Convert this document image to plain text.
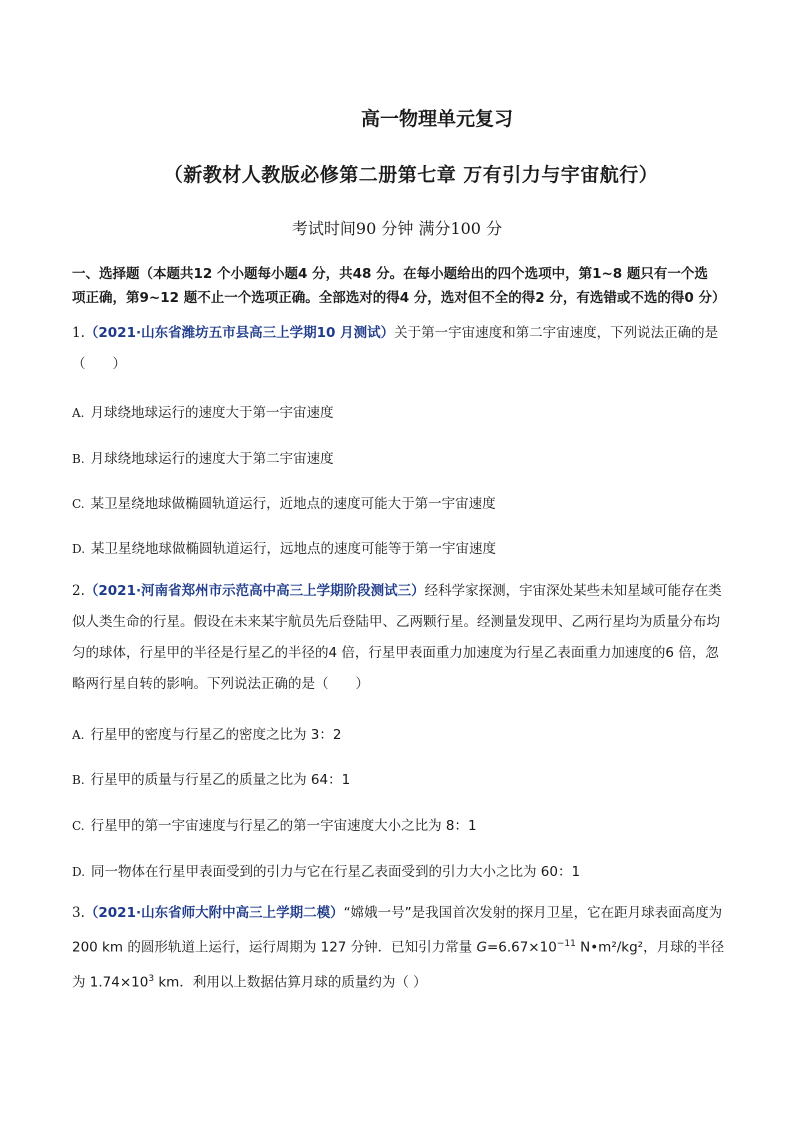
高一物理单元复习
（新教材人教版必修第二册第七章 万有引力与宇宙航行）
考试时间90 分钟 满分100 分
一、选择题（本题共12 个小题每小题4 分，共48 分。在每小题给出的四个选项中，第1~8 题只有一个选
项正确，第9~12 题不止一个选项正确。全部选对的得4 分，选对但不全的得2 分，有选错或不选的得0 分）
1.（2021·山东省潍坊五市县高三上学期10 月测试）关于第一宇宙速度和第二宇宙速度，下列说法正确的是（　　）
A. 月球绕地球运行的速度大于第一宇宙速度
B. 月球绕地球运行的速度大于第二宇宙速度
C. 某卫星绕地球做椭圆轨道运行，近地点的速度可能大于第一宇宙速度
D. 某卫星绕地球做椭圆轨道运行，远地点的速度可能等于第一宇宙速度
2.（2021·河南省郑州市示范高中高三上学期阶段测试三）经科学家探测，宇宙深处某些未知星域可能存在类似人类生命的行星。假设在未来某宇航员先后登陆甲、乙两颗行星。经测量发现甲、乙两行星均为质量分布均匀的球体，行星甲的半径是行星乙的半径的4 倍，行星甲表面重力加速度为行星乙表面重力加速度的6 倍，忽略两行星自转的影响。下列说法正确的是（　　）
A. 行星甲的密度与行星乙的密度之比为 3：2
B. 行星甲的质量与行星乙的质量之比为 64：1
C. 行星甲的第一宇宙速度与行星乙的第一宇宙速度大小之比为 8：1
D. 同一物体在行星甲表面受到的引力与它在行星乙表面受到的引力大小之比为 60：1
3.（2021·山东省师大附中高三上学期二模）“嫦娥一号”是我国首次发射的探月卫星，它在距月球表面高度为 200 km 的圆形轨道上运行，运行周期为 127 分钟．已知引力常量 $G=6.67\times 10^{-11}$ N•m²/kg²，月球的半径为 $1.74\times 10^3$ km．利用以上数据估算月球的质量约为（ ）
